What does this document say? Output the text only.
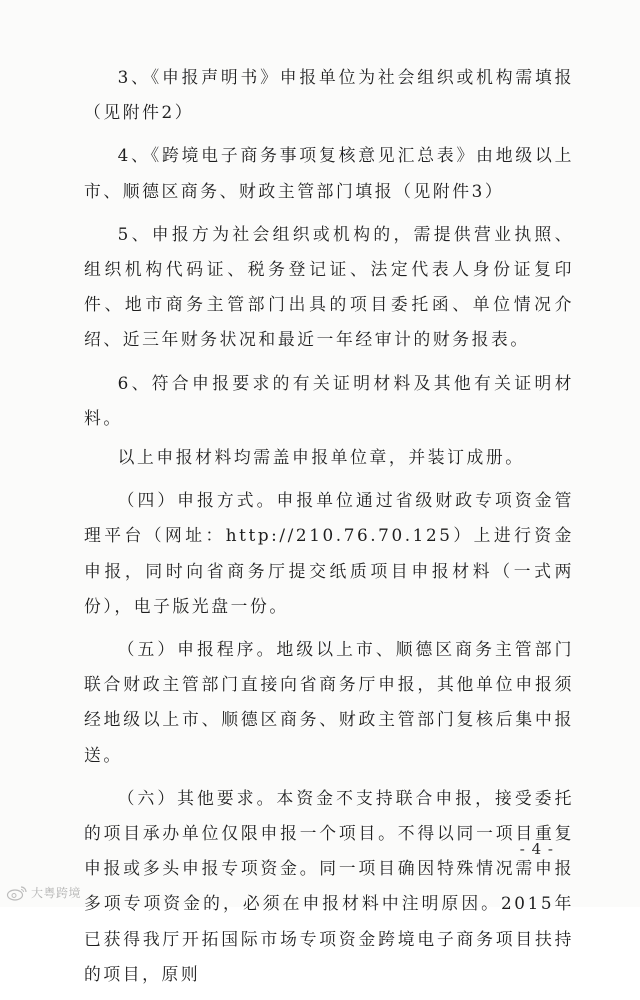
3、《申报声明书》申报单位为社会组织或机构需填报（见附件2）

4、《跨境电子商务事项复核意见汇总表》由地级以上市、顺德区商务、财政主管部门填报（见附件3）

5、申报方为社会组织或机构的，需提供营业执照、组织机构代码证、税务登记证、法定代表人身份证复印件、地市商务主管部门出具的项目委托函、单位情况介绍、近三年财务状况和最近一年经审计的财务报表。

6、符合申报要求的有关证明材料及其他有关证明材料。

以上申报材料均需盖申报单位章，并装订成册。

（四）申报方式。申报单位通过省级财政专项资金管理平台（网址：http://210.76.70.125）上进行资金申报，同时向省商务厅提交纸质项目申报材料（一式两份），电子版光盘一份。

（五）申报程序。地级以上市、顺德区商务主管部门联合财政主管部门直接向省商务厅申报，其他单位申报须经地级以上市、顺德区商务、财政主管部门复核后集中报送。

（六）其他要求。本资金不支持联合申报，接受委托的项目承办单位仅限申报一个项目。不得以同一项目重复申报或多头申报专项资金。同一项目确因特殊情况需申报多项专项资金的，必须在申报材料中注明原因。2015年已获得我厅开拓国际市场专项资金跨境电子商务项目扶持的项目，原则

- 4 -
大粤跨境
